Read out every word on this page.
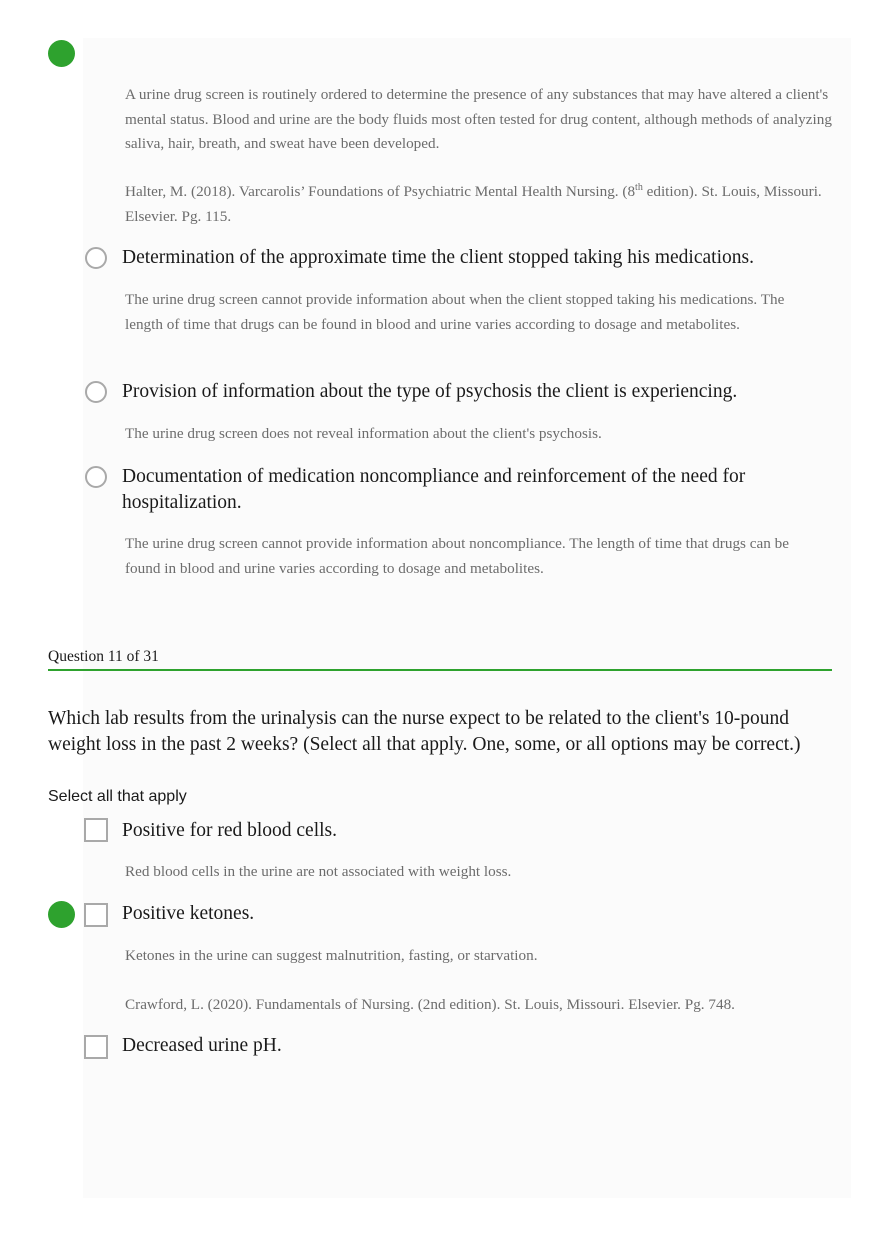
A urine drug screen is routinely ordered to determine the presence of any substances that may have altered a client's mental status. Blood and urine are the body fluids most often tested for drug content, although methods of analyzing saliva, hair, breath, and sweat have been developed.
Halter, M. (2018). Varcarolis’ Foundations of Psychiatric Mental Health Nursing. (8th edition). St. Louis, Missouri. Elsevier. Pg. 115.
Determination of the approximate time the client stopped taking his medications.
The urine drug screen cannot provide information about when the client stopped taking his medications. The length of time that drugs can be found in blood and urine varies according to dosage and metabolites.
Provision of information about the type of psychosis the client is experiencing.
The urine drug screen does not reveal information about the client's psychosis.
Documentation of medication noncompliance and reinforcement of the need for hospitalization.
The urine drug screen cannot provide information about noncompliance. The length of time that drugs can be found in blood and urine varies according to dosage and metabolites.
Question 11 of 31
Which lab results from the urinalysis can the nurse expect to be related to the client's 10-pound weight loss in the past 2 weeks? (Select all that apply. One, some, or all options may be correct.)
Select all that apply
Positive for red blood cells.
Red blood cells in the urine are not associated with weight loss.
Positive ketones.
Ketones in the urine can suggest malnutrition, fasting, or starvation.
Crawford, L. (2020). Fundamentals of Nursing. (2nd edition). St. Louis, Missouri. Elsevier. Pg. 748.
Decreased urine pH.
